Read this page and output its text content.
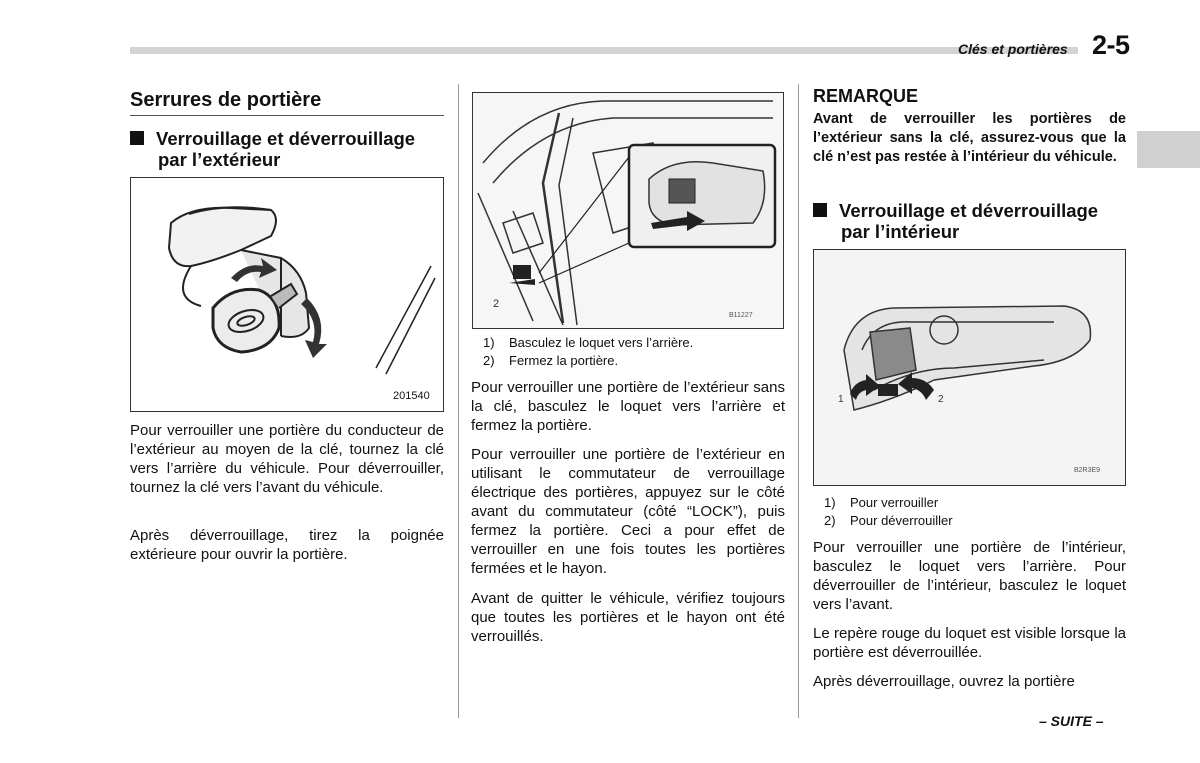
Clés et portières 2-5
Serrures de portière
Verrouillage et déverrouillage
par l’extérieur
201540
Pour verrouiller une portière du conducteur de l’extérieur au moyen de la clé, tournez la clé vers l’arrière du véhicule. Pour déverrouiller, tournez la clé vers l’avant du véhicule.
Après déverrouillage, tirez la poignée extérieure pour ouvrir la portière.
2
B11227
1) Basculez le loquet vers l’arrière.
2) Fermez la portière.
Pour verrouiller une portière de l’extérieur sans la clé, basculez le loquet vers l’arrière et fermez la portière.
Pour verrouiller une portière de l’extérieur en utilisant le commutateur de verrouillage électrique des portières, appuyez sur le côté avant du commutateur (côté “LOCK”), puis fermez la portière. Ceci a pour effet de verrouiller en une fois toutes les portières fermées et le hayon.
Avant de quitter le véhicule, vérifiez toujours que toutes les portières et le hayon ont été verrouillés.
REMARQUE
Avant de verrouiller les portières de l’extérieur sans la clé, assurez-vous que la clé n’est pas restée à l’intérieur du véhicule.
Verrouillage et déverrouillage
par l’intérieur
1	2
B2R3E9
1) Pour verrouiller
2) Pour déverrouiller
Pour verrouiller une portière de l’intérieur, basculez le loquet vers l’arrière. Pour déverrouiller de l’intérieur, basculez le loquet vers l’avant.
Le repère rouge du loquet est visible lorsque la portière est déverrouillée.
Après déverrouillage, ouvrez la portière
– SUITE –
